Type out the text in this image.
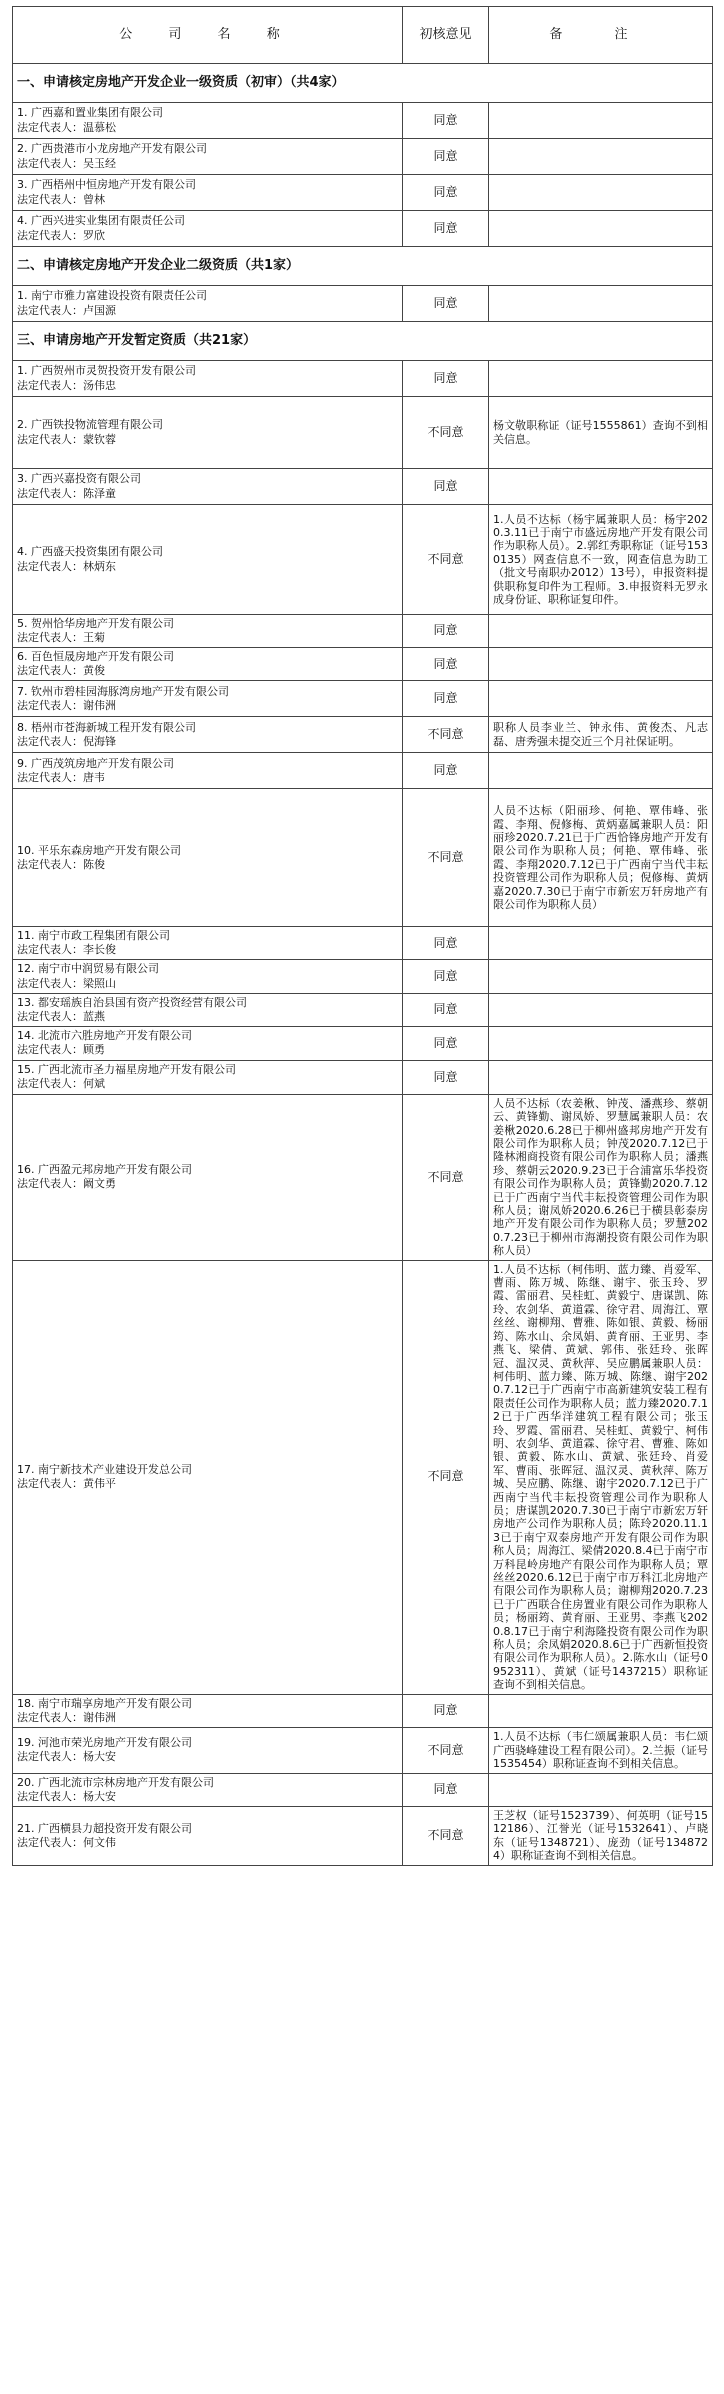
公 司 名 称	初核意见	备 注
一、申请核定房地产开发企业一级资质（初审）（共4家）		

1. 广西嘉和置业集团有限公司
法定代表人：温慕松	同意	

2. 广西贵港市小龙房地产开发有限公司
法定代表人：吴玉经	同意	

3. 广西梧州中恒房地产开发有限公司
法定代表人：曾林	同意	

4. 广西兴进实业集团有限责任公司
法定代表人：罗欣	同意	
二、申请核定房地产开发企业二级资质（共1家）		

1. 南宁市雅力富建设投资有限责任公司
法定代表人：卢国源	同意	
三、申请房地产开发暂定资质（共21家）		

1. 广西贺州市灵贺投资开发有限公司
法定代表人：汤伟忠	同意	

2. 广西铁投物流管理有限公司
法定代表人：蒙钦蓉	不同意	杨文敬职称证（证号1555861）查询不到相关信息。

3. 广西兴嘉投资有限公司
法定代表人：陈泽童	同意	

4. 广西盛天投资集团有限公司
法定代表人：林炳东	不同意	1.人员不达标（杨宇属兼职人员：杨宇2020.3.11已于南宁市盛远房地产开发有限公司作为职称人员）。2.郭红秀职称证（证号1530135）网查信息不一致，网查信息为助工（批文号南职办2012）13号），申报资料提供职称复印件为工程师。3.申报资料无罗永成身份证、职称证复印件。

5. 贺州恰华房地产开发有限公司
法定代表人：王菊	同意	

6. 百色恒晟房地产开发有限公司
法定代表人：黄俊	同意	

7. 钦州市碧桂园海豚湾房地产开发有限公司
法定代表人：谢伟洲	同意	

8. 梧州市苍海新城工程开发有限公司
法定代表人：倪海锋	不同意	职称人员李业兰、钟永伟、黄俊杰、凡志磊、唐秀强未提交近三个月社保证明。

9. 广西茂筑房地产开发有限公司
法定代表人：唐韦	同意	

10. 平乐东森房地产开发有限公司
法定代表人：陈俊	不同意	人员不达标（阳丽珍、何艳、覃伟峰、张霞、李翔、倪修梅、黄炳嘉属兼职人员：阳丽珍2020.7.21已于广西恰锋房地产开发有限公司作为职称人员；何艳、覃伟峰、张霞、李翔2020.7.12已于广西南宁当代丰耘投资管理公司作为职称人员；倪修梅、黄炳嘉2020.7.30已于南宁市新宏万轩房地产有限公司作为职称人员）

11. 南宁市政工程集团有限公司
法定代表人：李长俊	同意	

12. 南宁市中润贸易有限公司
法定代表人：梁照山	同意	

13. 都安瑶族自治县国有资产投资经营有限公司
法定代表人：蓝燕	同意	

14. 北流市六胜房地产开发有限公司
法定代表人：顾勇	同意	

15. 广西北流市圣力福星房地产开发有限公司
法定代表人：何斌	同意	

16. 广西盈元邦房地产开发有限公司
法定代表人：阚文勇	不同意	人员不达标（农姜楸、钟茂、潘燕珍、蔡朝云、黄锋勤、谢凤娇、罗慧属兼职人员：农姜楸2020.6.28已于柳州盛邦房地产开发有限公司作为职称人员；钟茂2020.7.12已于隆林湘商投资有限公司作为职称人员；潘燕珍、蔡朝云2020.9.23已于合浦富乐华投资有限公司作为职称人员；黄锋勤2020.7.12已于广西南宁当代丰耘投资管理公司作为职称人员；谢凤娇2020.6.26已于横县彰泰房地产开发有限公司作为职称人员；罗慧2020.7.23已于柳州市海潮投资有限公司作为职称人员）

17. 南宁新技术产业建设开发总公司
法定代表人：黄伟平	不同意	1.人员不达标（柯伟明、蓝力臻、肖爱军、曹雨、陈万城、陈继、谢宇、张玉玲、罗霞、雷丽君、吴桂虹、黄毅宁、唐谋凯、陈玲、农剑华、黄道霖、徐守君、周海江、覃丝丝、谢柳翔、曹雅、陈如银、黄毅、杨丽筠、陈水山、余凤娟、黄育丽、王亚男、李燕飞、梁倩、黄斌、郭伟、张廷玲、张晖冠、温汉灵、黄秋萍、吴应鹏属兼职人员：柯伟明、蓝力臻、陈万城、陈继、谢宇2020.7.12已于广西南宁市高新建筑安装工程有限责任公司作为职称人员；蓝力臻2020.7.12已于广西华洋建筑工程有限公司；张玉玲、罗霞、雷丽君、吴桂虹、黄毅宁、柯伟明、农剑华、黄道霖、徐守君、曹雅、陈如银、黄毅、陈水山、黄斌、张廷玲、肖爱军、曹雨、张晖冠、温汉灵、黄秋萍、陈万城、吴应鹏、陈继、谢宇2020.7.12已于广西南宁当代丰耘投资管理公司作为职称人员；唐谋凯2020.7.30已于南宁市新宏万轩房地产公司作为职称人员；陈玲2020.11.13已于南宁双泰房地产开发有限公司作为职称人员；周海江、梁倩2020.8.4已于南宁市万科昆岭房地产有限公司作为职称人员；覃丝丝2020.6.12已于南宁市万科江北房地产有限公司作为职称人员；谢柳翔2020.7.23已于广西联合住房置业有限公司作为职称人员；杨丽筠、黄育丽、王亚男、李燕飞2020.8.17已于南宁利海隆投资有限公司作为职称人员；余凤娟2020.8.6已于广西新恒投资有限公司作为职称人员）。2.陈水山（证号0952311）、黄斌（证号1437215）职称证查询不到相关信息。

18. 南宁市瑞享房地产开发有限公司
法定代表人：谢伟洲	同意	

19. 河池市荣光房地产开发有限公司
法定代表人：杨大安	不同意	1.人员不达标（韦仁颂属兼职人员：韦仁颂 广西骁峰建设工程有限公司）。2.兰振（证号1535454）职称证查询不到相关信息。

20. 广西北流市宗林房地产开发有限公司
法定代表人：杨大安	同意	

21. 广西横县力超投资开发有限公司
法定代表人：何文伟	不同意	王芝权（证号1523739）、何英明（证号1512186）、江誉光（证号1532641）、卢晓东（证号1348721）、庞劲（证号1348724）职称证查询不到相关信息。
